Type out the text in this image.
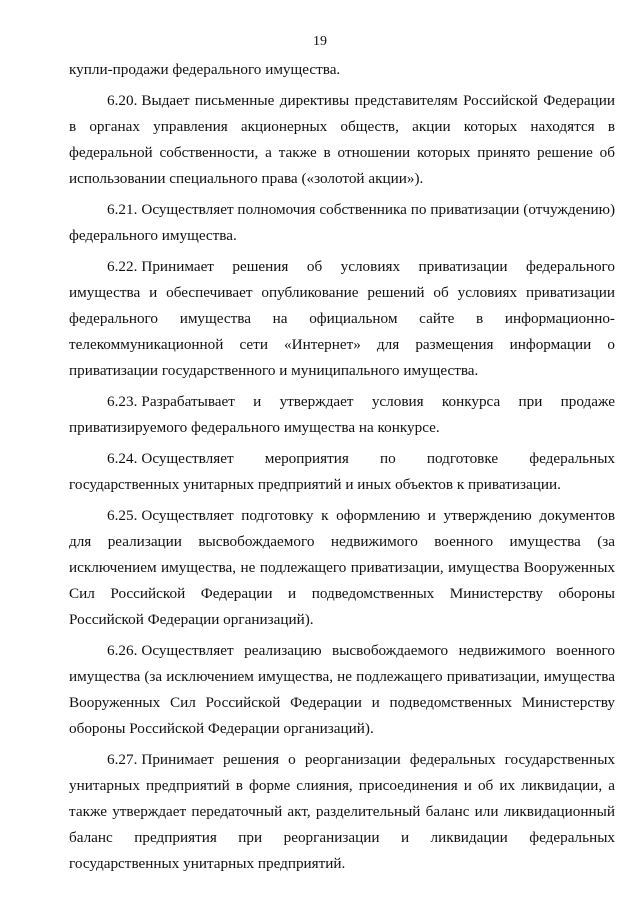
19

купли-продажи федерального имущества.

6.20. Выдает письменные директивы представителям Российской Федерации в органах управления акционерных обществ, акции которых находятся в федеральной собственности, а также в отношении которых принято решение об использовании специального права («золотой акции»).

6.21. Осуществляет полномочия собственника по приватизации (отчуждению) федерального имущества.

6.22. Принимает решения об условиях приватизации федерального имущества и обеспечивает опубликование решений об условиях приватизации федерального имущества на официальном сайте в информационно-телекоммуникационной сети «Интернет» для размещения информации о приватизации государственного и муниципального имущества.

6.23. Разрабатывает и утверждает условия конкурса при продаже приватизируемого федерального имущества на конкурсе.

6.24. Осуществляет мероприятия по подготовке федеральных государственных унитарных предприятий и иных объектов к приватизации.

6.25. Осуществляет подготовку к оформлению и утверждению документов для реализации высвобождаемого недвижимого военного имущества (за исключением имущества, не подлежащего приватизации, имущества Вооруженных Сил Российской Федерации и подведомственных Министерству обороны Российской Федерации организаций).

6.26. Осуществляет реализацию высвобождаемого недвижимого военного имущества (за исключением имущества, не подлежащего приватизации, имущества Вооруженных Сил Российской Федерации и подведомственных Министерству обороны Российской Федерации организаций).

6.27. Принимает решения о реорганизации федеральных государственных унитарных предприятий в форме слияния, присоединения и об их ликвидации, а также утверждает передаточный акт, разделительный баланс или ликвидационный баланс предприятия при реорганизации и ликвидации федеральных государственных унитарных предприятий.
